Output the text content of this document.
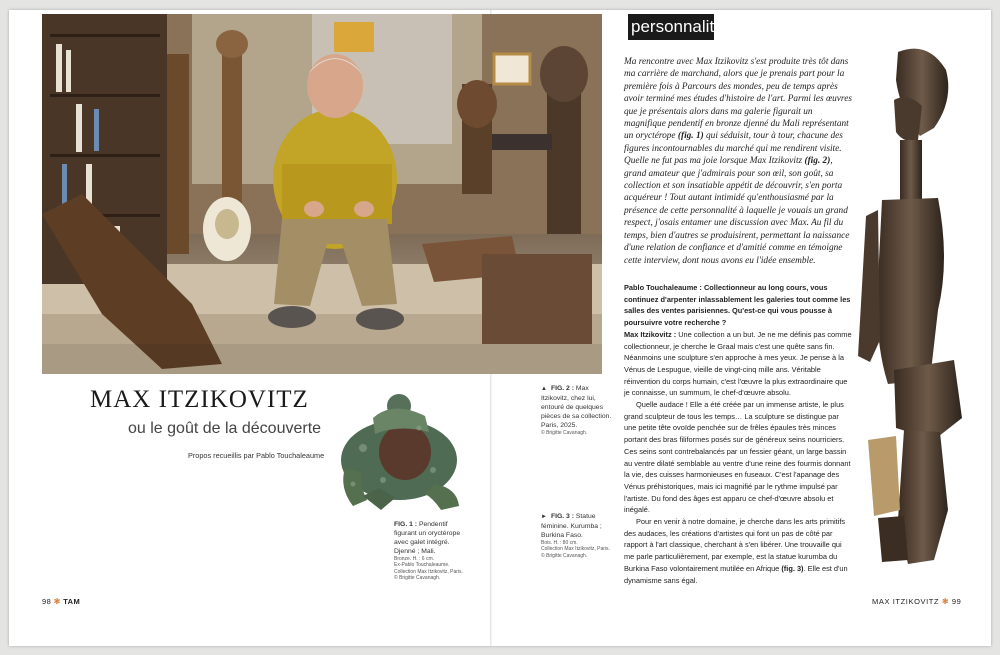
personnalité
Ma rencontre avec Max Itzikovitz s'est produite très tôt dans ma carrière de marchand, alors que je prenais part pour la première fois à Parcours des mondes, peu de temps après avoir terminé mes études d'histoire de l'art. Parmi les œuvres que je présentais alors dans ma galerie figurait un magnifique pendentif en bronze djenné du Mali représentant un oryctérope (fig. 1) qui séduisit, tour à tour, chacune des figures incontournables du marché qui me rendirent visite. Quelle ne fut pas ma joie lorsque Max Itzikovitz (fig. 2), grand amateur que j'admirais pour son œil, son goût, sa collection et son insatiable appétit de découvrir, s'en porta acquéreur ! Tout autant intimidé qu'enthousiasmé par la présence de cette personnalité à laquelle je vouais un grand respect, j'osais entamer une discussion avec Max. Au fil du temps, bien d'autres se produisirent, permettant la naissance d'une relation de confiance et d'amitié comme en témoigne cette interview, dont nous avons eu l'idée ensemble.

Pablo Touchaleaume : Collectionneur au long cours, vous continuez d'arpenter inlassablement les galeries tout comme les salles des ventes parisiennes. Qu'est-ce qui vous pousse à poursuivre votre recherche ?

Max Itzikovitz : Une collection a un but. Je ne me définis pas comme collectionneur, je cherche le Graal mais c'est une quête sans fin. Néanmoins une sculpture s'en approche à mes yeux. Je pense à la Vénus de Lespugue, vieille de vingt-cinq mille ans. Véritable réinvention du corps humain, c'est l'œuvre la plus extraordinaire que je connaisse, un summum, le chef-d'œuvre absolu.

Quelle audace ! Elle a été créée par un immense artiste, le plus grand sculpteur de tous les temps… La sculpture se distingue par une petite tête ovoïde penchée sur de frêles épaules très minces portant des bras filiformes posés sur de généreux seins nourriciers. Ces seins sont contrebalancés par un fessier géant, un large bassin au ventre dilaté semblable au ventre d'une reine des fourmis donnant la vie, des cuisses harmonieuses en fuseaux. C'est l'apanage des Vénus préhistoriques, mais ici magnifié par le rythme impulsé par l'artiste. Du fond des âges est apparu ce chef-d'œuvre absolu et inégalé.

Pour en venir à notre domaine, je cherche dans les arts primitifs des audaces, les créations d'artistes qui font un pas de côté par rapport à l'art classique, cherchant à s'en libérer. Une trouvaille qui me parle particulièrement, par exemple, est la statue kurumba du Burkina Faso volontairement mutilée en Afrique (fig. 3). Elle est d'un dynamisme sans égal.

MAX ITZIKOVITZ
ou le goût de la découverte
Propos recueillis par Pablo Touchaleaume
▲ FIG. 2 : Max Itzikovitz, chez lui, entouré de quelques pièces de sa collection. Paris, 2025.
© Brigitte Cavanagh.
FIG. 1 : Pendentif figurant un oryctérope avec galet intégré. Djenné ; Mali.
Bronze. H. : 6 cm.
Ex-Pablo Touchaleaume.
Collection Max Itzikovitz, Paris.
© Brigitte Cavanagh.
► FIG. 3 : Statue féminine. Kurumba ; Burkina Faso.
Bois. H. : 80 cm.
Collection Max Itzikovitz, Paris.
© Brigitte Cavanagh.
98 ❃ TAM	MAX ITZIKOVITZ ❃ 99
